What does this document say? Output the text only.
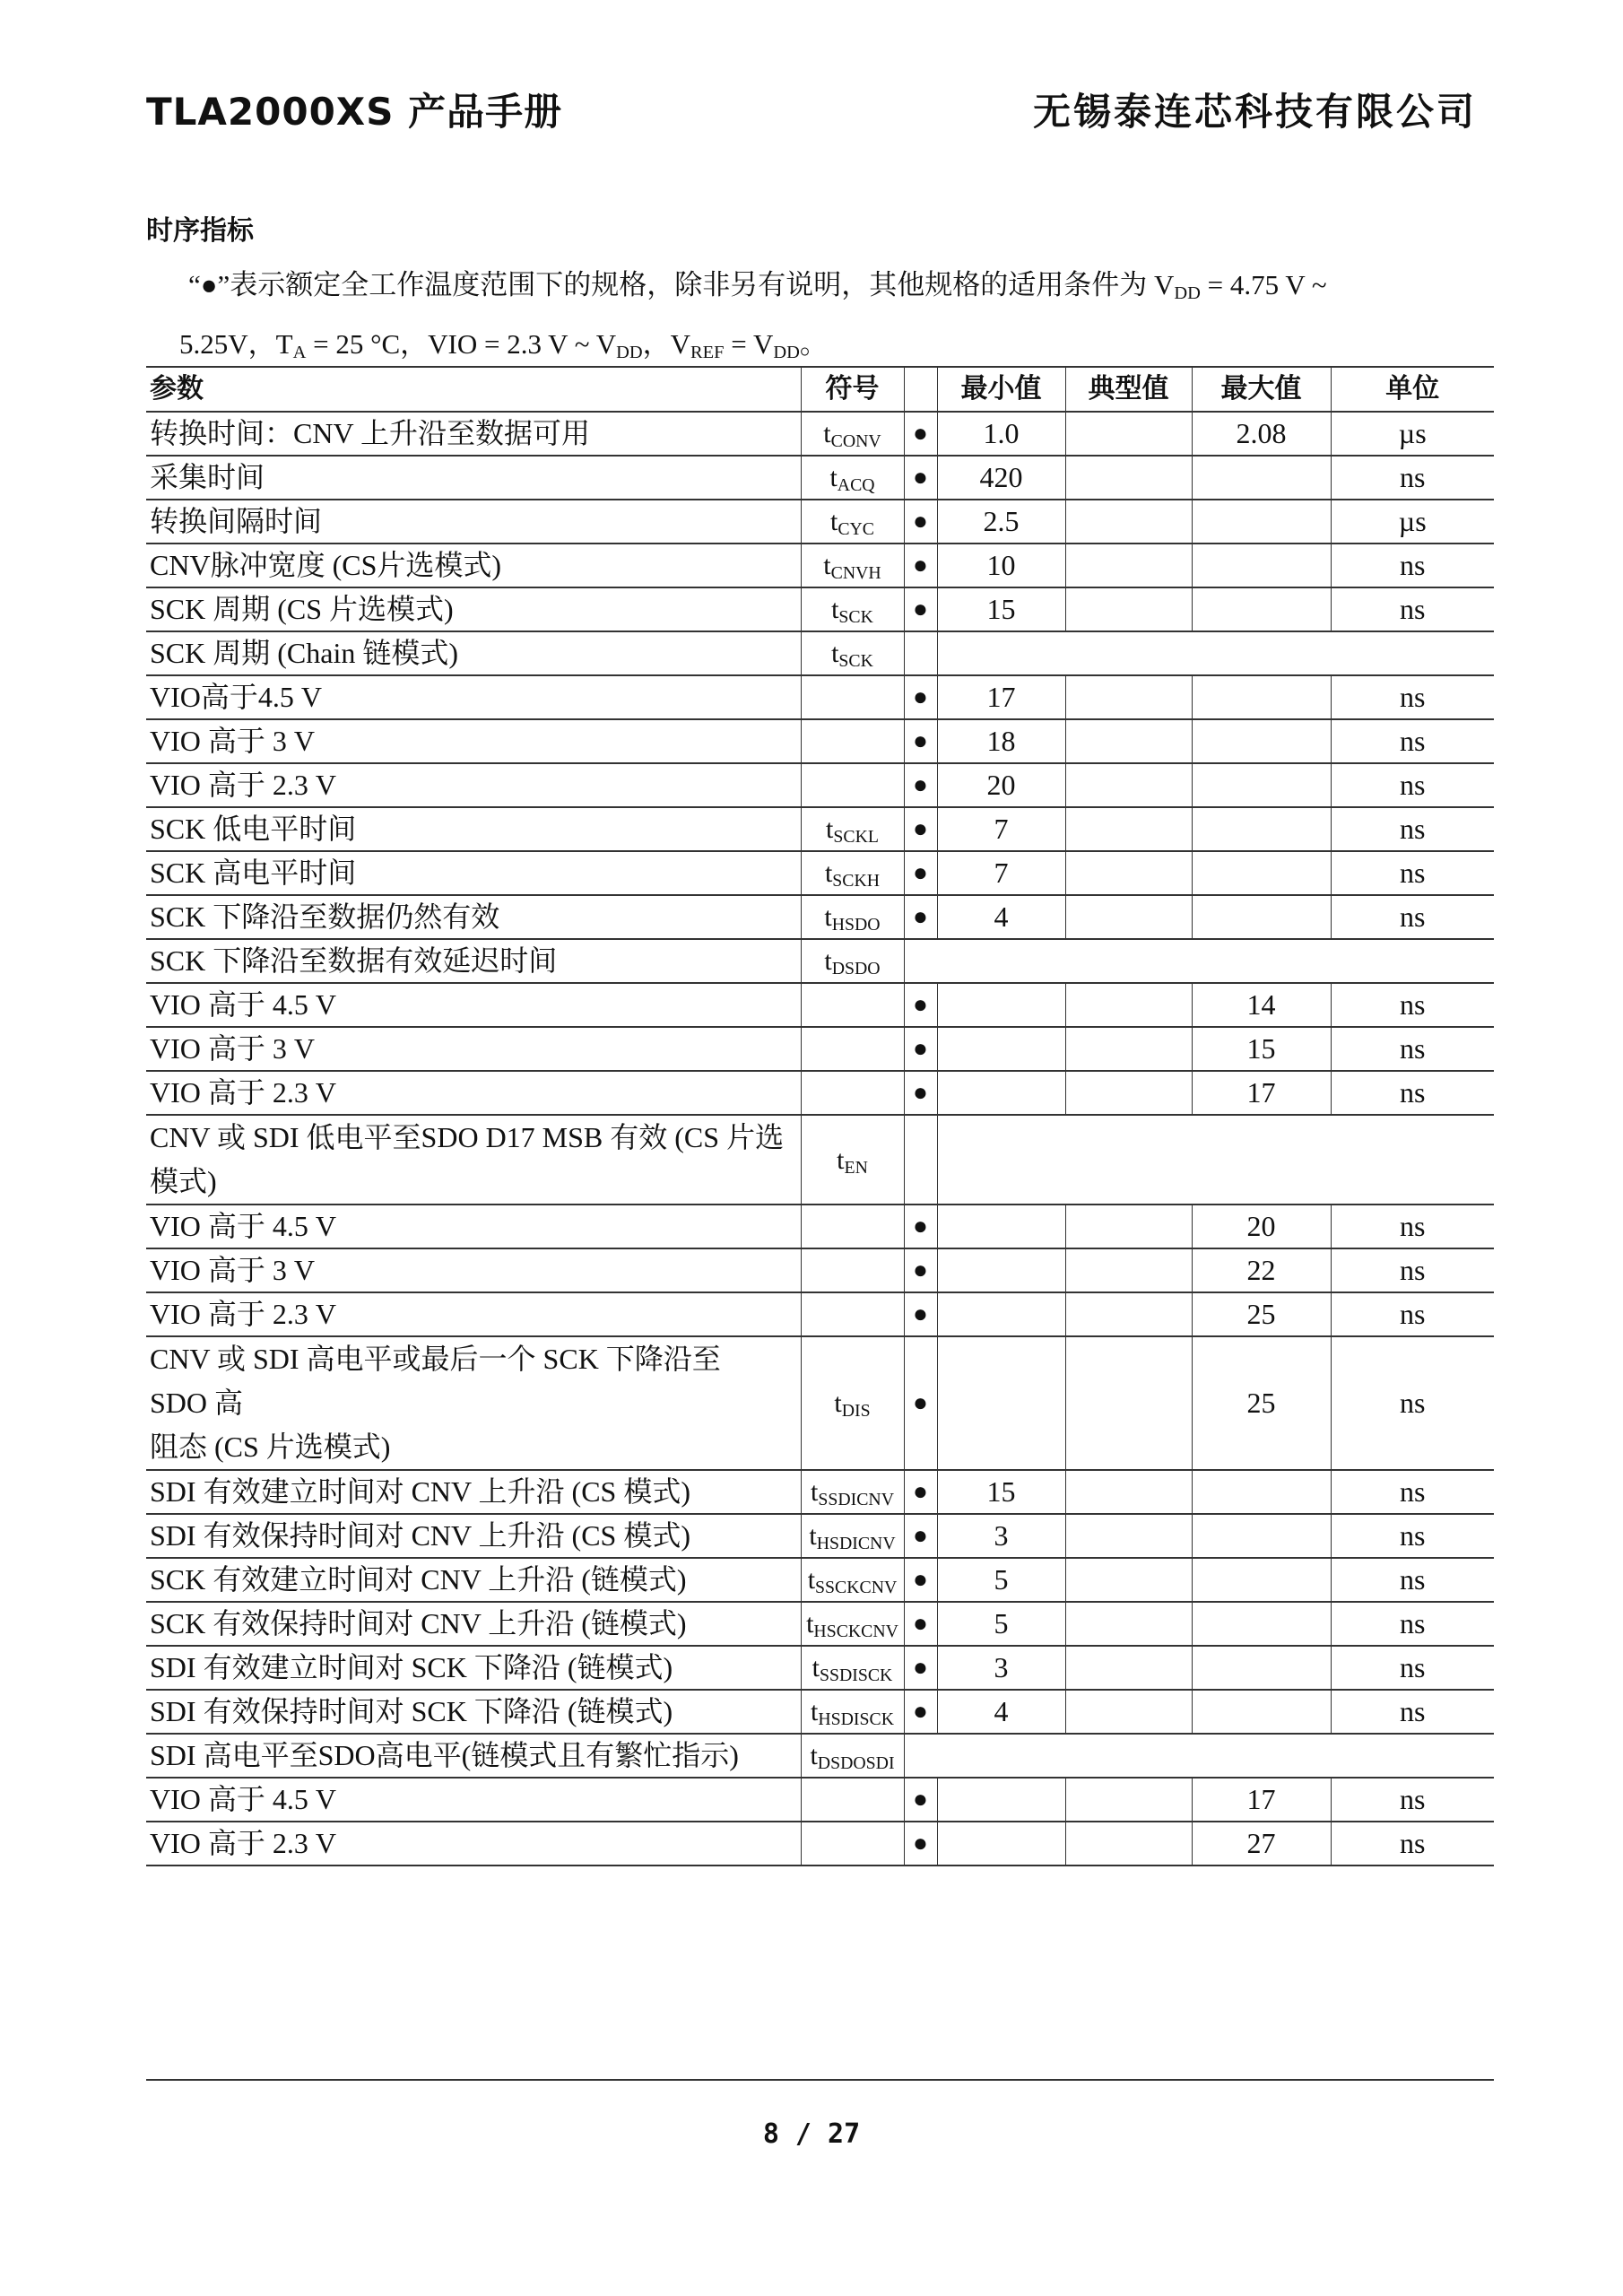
TLA2000XS 产品手册	无锡泰连芯科技有限公司
时序指标
“●”表示额定全工作温度范围下的规格，除非另有说明，其他规格的适用条件为 $V_{DD} = 4.75$ V ~
5.25V，$T_A = 25$ °C，VIO = 2.3 V ~ $V_{DD}$，$V_{REF} = V_{DD}$。
参数	符号		最小值	典型值	最大值	单位
转换时间：CNV 上升沿至数据可用	$t_{CONV}$	●	1.0		2.08	µs
采集时间	$t_{ACQ}$	●	420			ns
转换间隔时间	$t_{CYC}$	●	2.5			µs
CNV脉冲宽度 (CS片选模式)	$t_{CNVH}$	●	10			ns
SCK 周期 (CS 片选模式)	$t_{SCK}$	●	15			ns
SCK 周期 (Chain 链模式)	$t_{SCK}$		
VIO高于4.5 V		●	17			ns
VIO 高于 3 V		●	18			ns
VIO 高于 2.3 V		●	20			ns
SCK 低电平时间	$t_{SCKL}$	●	7			ns
SCK 高电平时间	$t_{SCKH}$	●	7			ns
SCK 下降沿至数据仍然有效	$t_{HSDO}$	●	4			ns
SCK 下降沿至数据有效延迟时间	$t_{DSDO}$	
VIO 高于 4.5 V		●			14	ns
VIO 高于 3 V		●			15	ns
VIO 高于 2.3 V		●			17	ns
CNV 或 SDI 低电平至SDO D17 MSB 有效 (CS 片选模式)	$t_{EN}$		
VIO 高于 4.5 V		●			20	ns
VIO 高于 3 V		●			22	ns
VIO 高于 2.3 V		●			25	ns
CNV 或 SDI 高电平或最后一个 SCK 下降沿至
SDO 高
阻态 (CS 片选模式)	$t_{DIS}$	●			25	ns
SDI 有效建立时间对 CNV 上升沿 (CS 模式)	$t_{SSDICNV}$	●	15			ns
SDI 有效保持时间对 CNV 上升沿 (CS 模式)	$t_{HSDICNV}$	●	3			ns
SCK 有效建立时间对 CNV 上升沿 (链模式)	$t_{SSCKCNV}$	●	5			ns
SCK 有效保持时间对 CNV 上升沿 (链模式)	$t_{HSCKCNV}$	●	5			ns
SDI 有效建立时间对 SCK 下降沿 (链模式)	$t_{SSDISCK}$	●	3			ns
SDI 有效保持时间对 SCK 下降沿 (链模式)	$t_{HSDISCK}$	●	4			ns
SDI 高电平至SDO高电平(链模式且有繁忙指示)	$t_{DSDOSDI}$	
VIO 高于 4.5 V		●			17	ns
VIO 高于 2.3 V		●			27	ns
8 / 27
